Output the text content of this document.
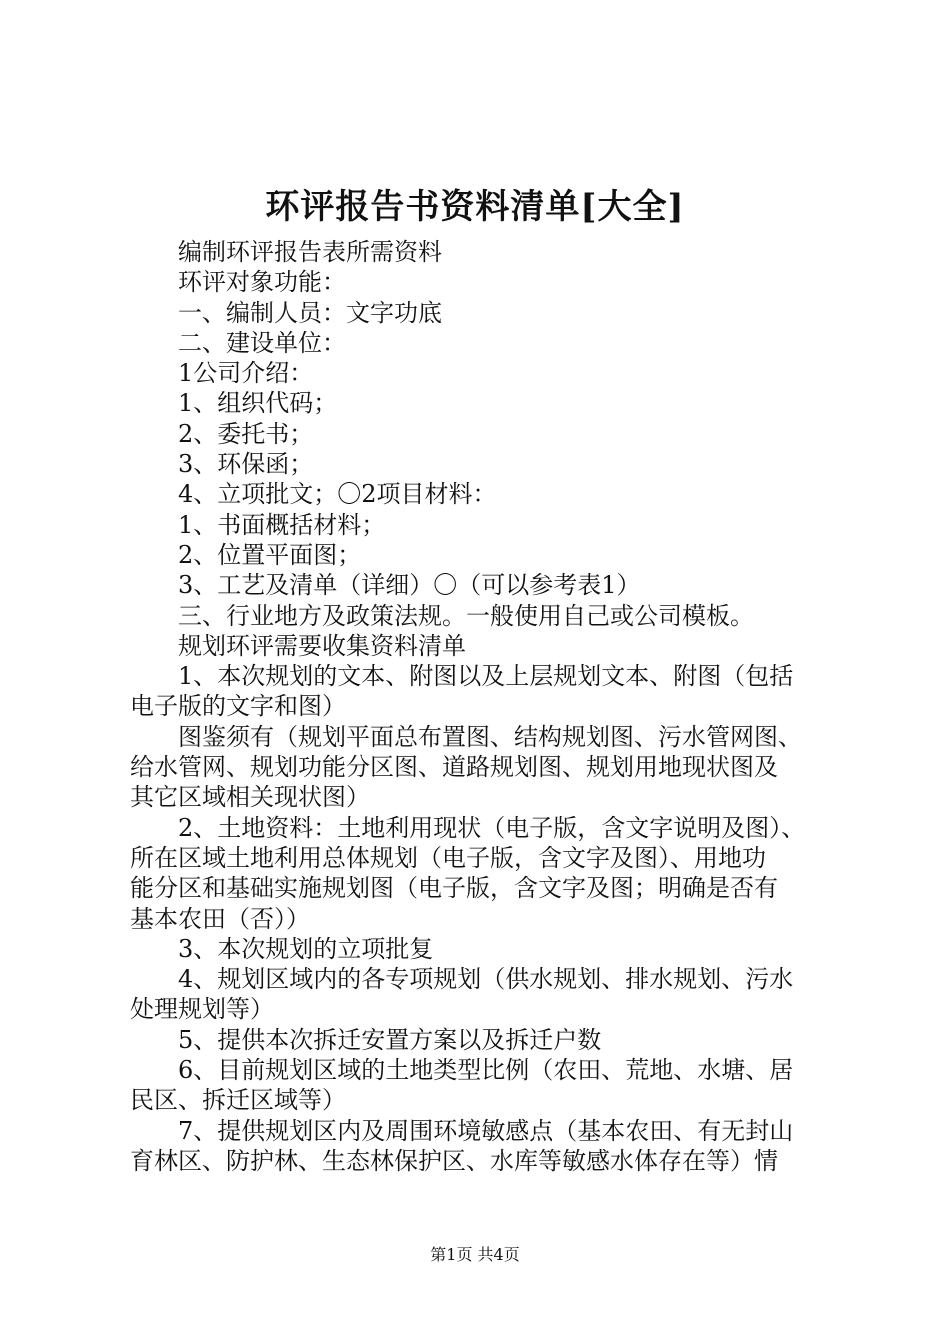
环评报告书资料清单[大全]
编制环评报告表所需资料
环评对象功能：
一、编制人员：文字功底
二、建设单位：
1公司介绍：
1、组织代码；
2、委托书；
3、环保函；
4、立项批文；〇2项目材料：
1、书面概括材料；
2、位置平面图；
3、工艺及清单（详细）〇（可以参考表1）
三、行业地方及政策法规。一般使用自己或公司模板。
规划环评需要收集资料清单
1、本次规划的文本、附图以及上层规划文本、附图（包括
电子版的文字和图）
图鉴须有（规划平面总布置图、结构规划图、污水管网图、
给水管网、规划功能分区图、道路规划图、规划用地现状图及
其它区域相关现状图）
2、土地资料：土地利用现状（电子版，含文字说明及图）、
所在区域土地利用总体规划（电子版，含文字及图）、用地功
能分区和基础实施规划图（电子版，含文字及图；明确是否有
基本农田（否））
3、本次规划的立项批复
4、规划区域内的各专项规划（供水规划、排水规划、污水
处理规划等）
5、提供本次拆迁安置方案以及拆迁户数
6、目前规划区域的土地类型比例（农田、荒地、水塘、居
民区、拆迁区域等）
7、提供规划区内及周围环境敏感点（基本农田、有无封山
育林区、防护林、生态林保护区、水库等敏感水体存在等）情
第1页 共4页
